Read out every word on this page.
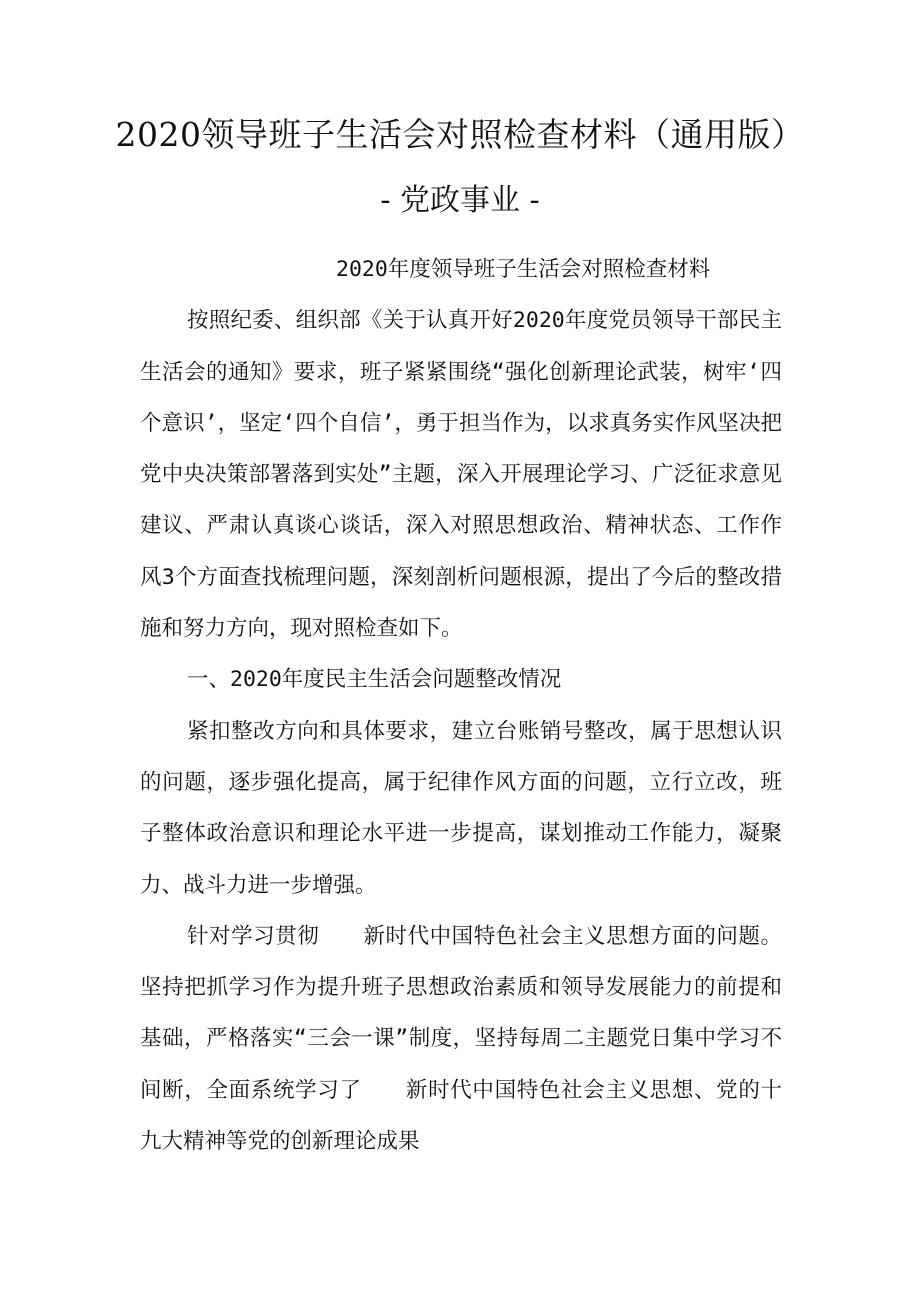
2020领导班子生活会对照检查材料（通用版）
- 党政事业 -

2020年度领导班子生活会对照检查材料

按照纪委、组织部《关于认真开好2020年度党员领导干部民主生活会的通知》要求，班子紧紧围绕“强化创新理论武装，树牢‘四个意识’，坚定‘四个自信’，勇于担当作为，以求真务实作风坚决把党中央决策部署落到实处”主题，深入开展理论学习、广泛征求意见建议、严肃认真谈心谈话，深入对照思想政治、精神状态、工作作风3个方面查找梳理问题，深刻剖析问题根源，提出了今后的整改措施和努力方向，现对照检查如下。

一、2020年度民主生活会问题整改情况

紧扣整改方向和具体要求，建立台账销号整改，属于思想认识的问题，逐步强化提高，属于纪律作风方面的问题，立行立改，班子整体政治意识和理论水平进一步提高，谋划推动工作能力，凝聚力、战斗力进一步增强。

针对学习贯彻　　新时代中国特色社会主义思想方面的问题。坚持把抓学习作为提升班子思想政治素质和领导发展能力的前提和基础，严格落实“三会一课”制度，坚持每周二主题党日集中学习不间断，全面系统学习了　　新时代中国特色社会主义思想、党的十九大精神等党的创新理论成果
